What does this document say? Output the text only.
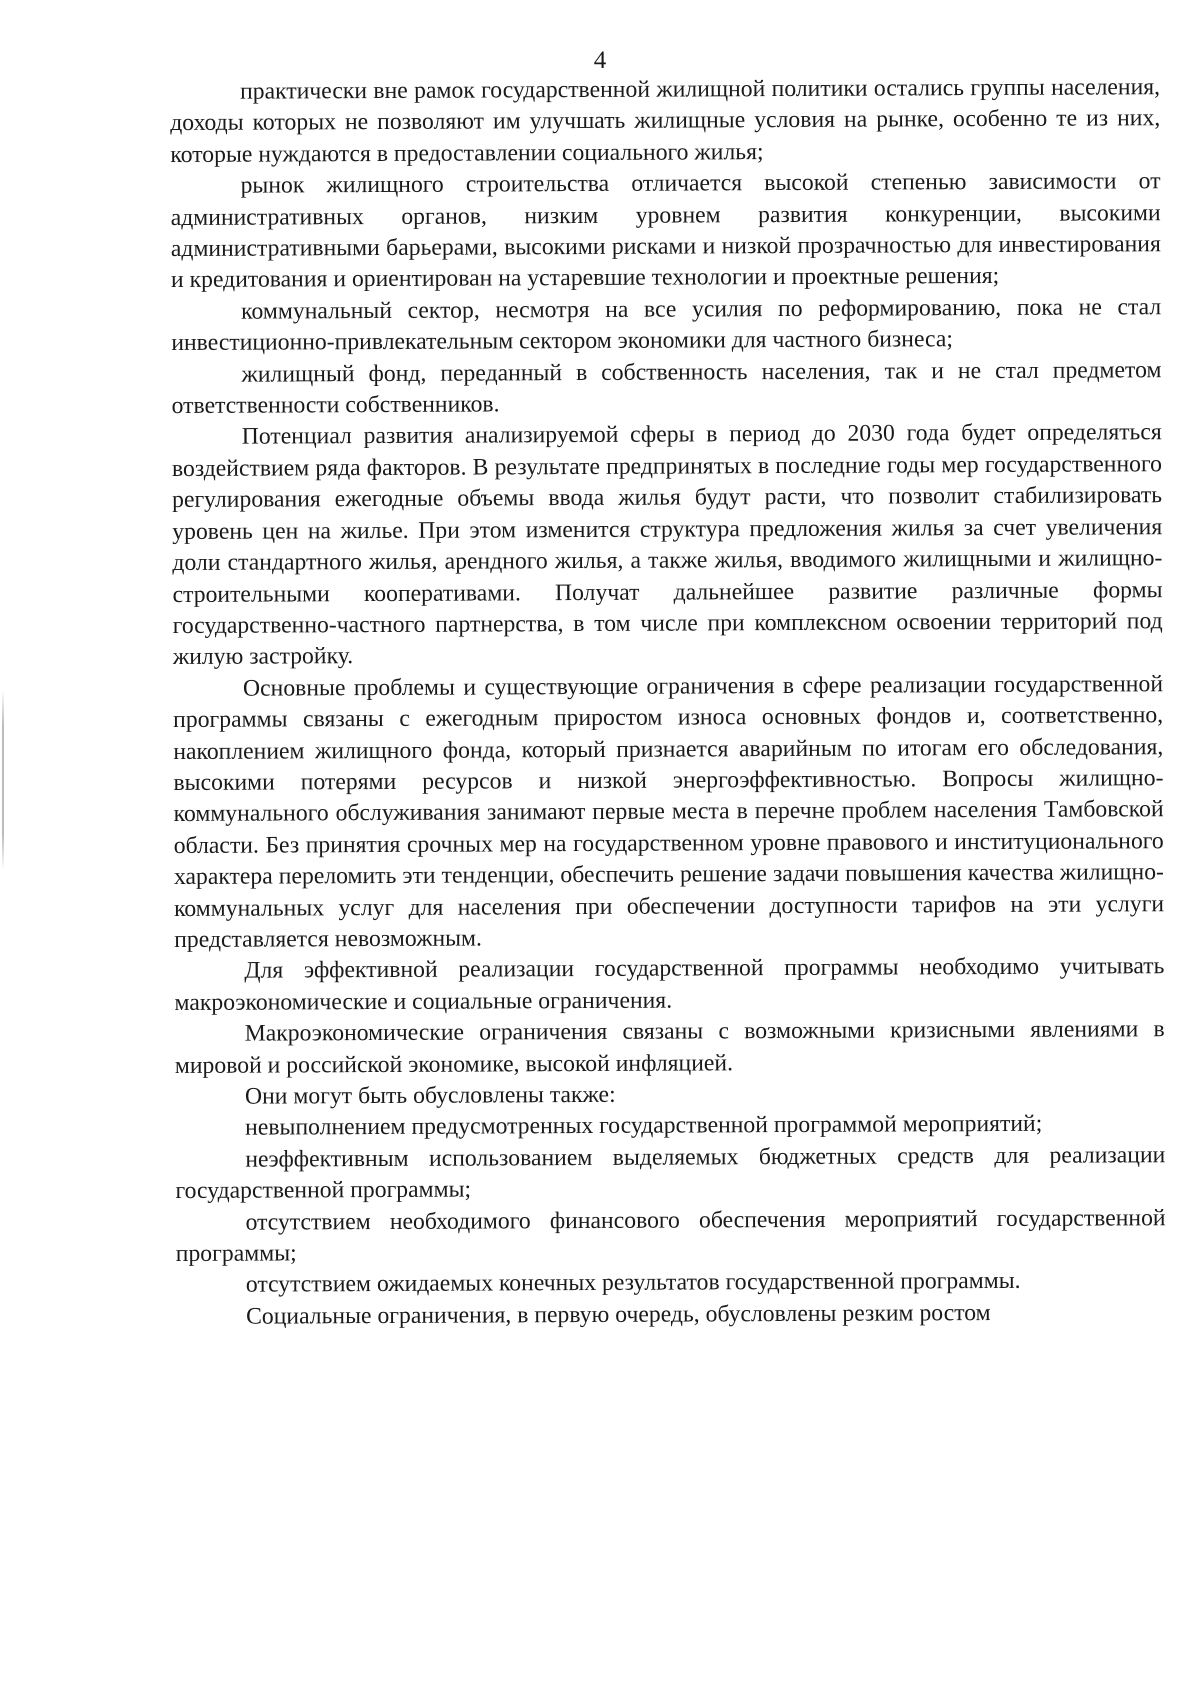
4

практически вне рамок государственной жилищной политики остались группы населения, доходы которых не позволяют им улучшать жилищные условия на рынке, особенно те из них, которые нуждаются в предоставлении социального жилья;

рынок жилищного строительства отличается высокой степенью зависимости от административных органов, низким уровнем развития конкуренции, высокими административными барьерами, высокими рисками и низкой прозрачностью для инвестирования и кредитования и ориентирован на устаревшие технологии и проектные решения;

коммунальный сектор, несмотря на все усилия по реформированию, пока не стал инвестиционно-привлекательным сектором экономики для частного бизнеса;

жилищный фонд, переданный в собственность населения, так и не стал предметом ответственности собственников.

Потенциал развития анализируемой сферы в период до 2030 года будет определяться воздействием ряда факторов. В результате предпринятых в последние годы мер государственного регулирования ежегодные объемы ввода жилья будут расти, что позволит стабилизировать уровень цен на жилье. При этом изменится структура предложения жилья за счет увеличения доли стандартного жилья, арендного жилья, а также жилья, вводимого жилищными и жилищно-строительными кооперативами. Получат дальнейшее развитие различные формы государственно-частного партнерства, в том числе при комплексном освоении территорий под жилую застройку.

Основные проблемы и существующие ограничения в сфере реализации государственной программы связаны с ежегодным приростом износа основных фондов и, соответственно, накоплением жилищного фонда, который признается аварийным по итогам его обследования, высокими потерями ресурсов и низкой энергоэффективностью. Вопросы жилищно-коммунального обслуживания занимают первые места в перечне проблем населения Тамбовской области. Без принятия срочных мер на государственном уровне правового и институционального характера переломить эти тенденции, обеспечить решение задачи повышения качества жилищно-коммунальных услуг для населения при обеспечении доступности тарифов на эти услуги представляется невозможным.

Для эффективной реализации государственной программы необходимо учитывать макроэкономические и социальные ограничения.

Макроэкономические ограничения связаны с возможными кризисными явлениями в мировой и российской экономике, высокой инфляцией.

Они могут быть обусловлены также:

невыполнением предусмотренных государственной программой мероприятий;

неэффективным использованием выделяемых бюджетных средств для реализации государственной программы;

отсутствием необходимого финансового обеспечения мероприятий государственной программы;

отсутствием ожидаемых конечных результатов государственной программы.

Социальные ограничения, в первую очередь, обусловлены резким ростом
